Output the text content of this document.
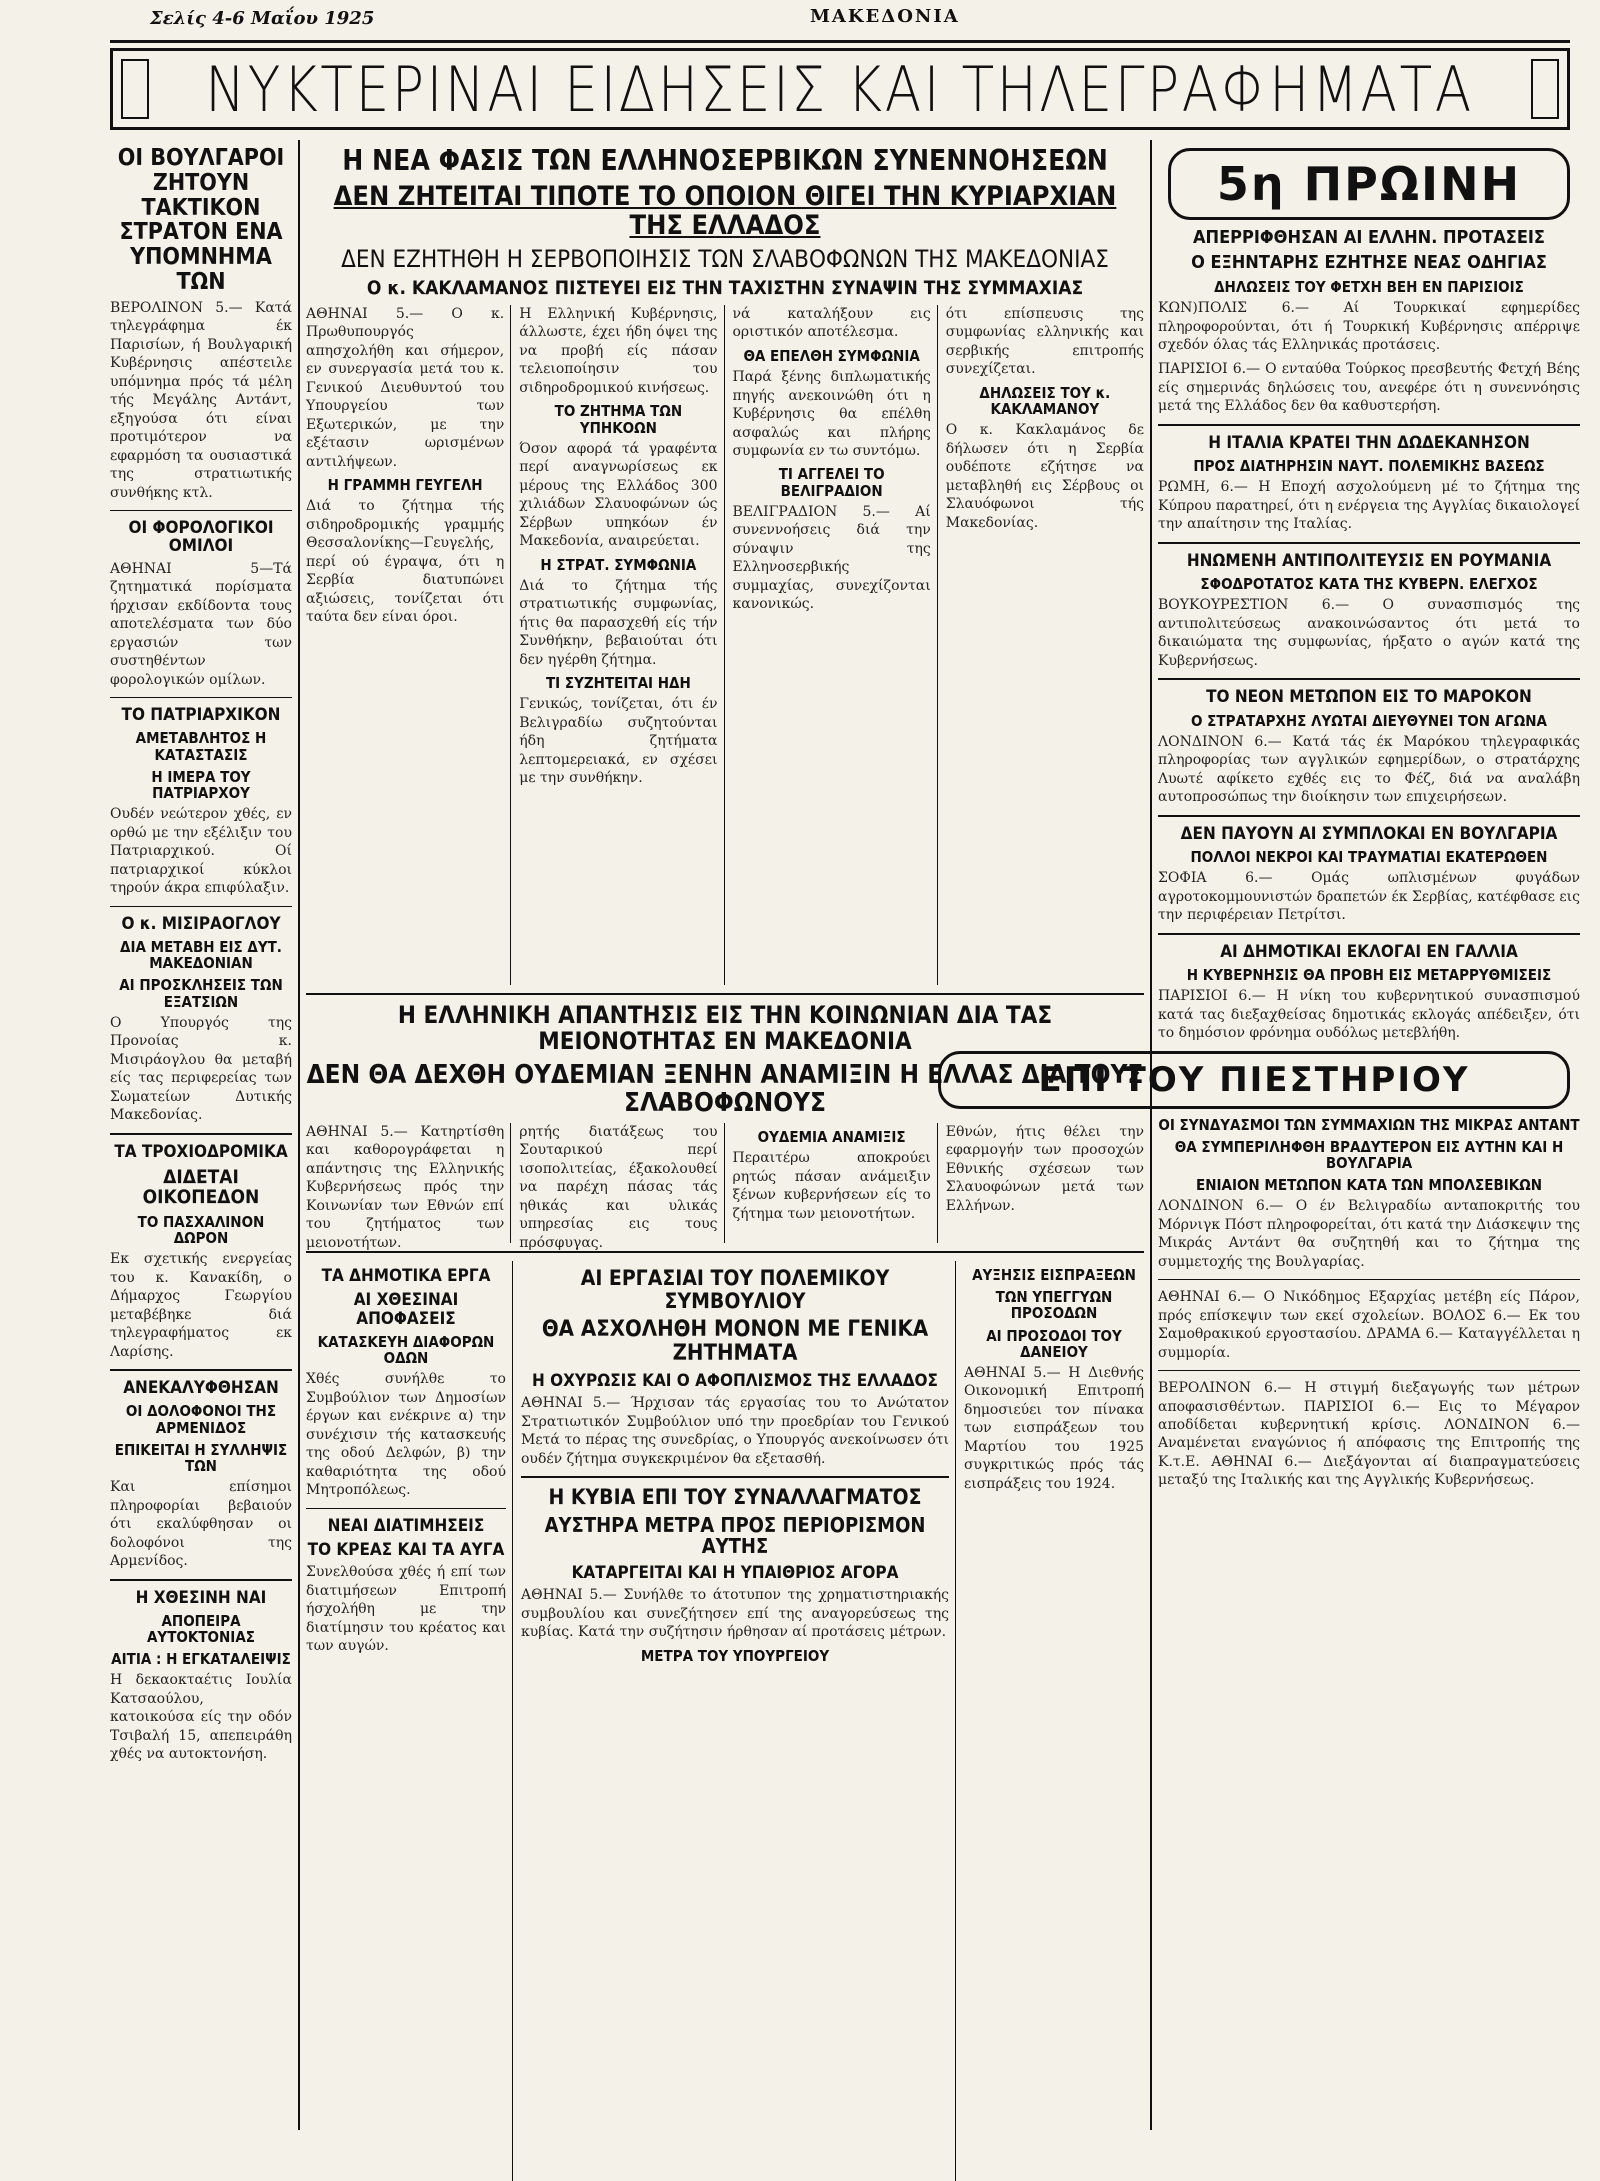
Σελίς 4-6 Μαΐου 1925	ΜΑΚΕΔΟΝΙΑ
ΝΥΚΤΕΡΙΝΑΙ ΕΙΔΗΣΕΙΣ ΚΑΙ ΤΗΛΕΓΡΑΦΗΜΑΤΑ
ΟΙ ΒΟΥΛΓΑΡΟΙ ΖΗΤΟΥΝ ΤΑΚΤΙΚΟΝ ΣΤΡΑΤΟΝ ΕΝΑ ΥΠΟΜΝΗΜΑ ΤΩΝ

ΒΕΡΟΛΙΝΟΝ 5.— Κατά τηλεγράφημα έκ Παρισίων, ή Βουλγαρική Κυβέρνησις απέστειλε υπόμνημα πρός τά μέλη τής Μεγάλης Αντάντ, εξηγούσα ότι είναι προτιμότερον να εφαρμόση τα ουσιαστικά της στρατιωτικής συνθήκης κτλ.

ΟΙ ΦΟΡΟΛΟΓΙΚΟΙ ΟΜΙΛΟΙ

ΑΘΗΝΑΙ 5—Τά ζητηματικά πορίσματα ήρχισαν εκδίδοντα τους αποτελέσματα των δύο εργασιών των συστηθέντων φορολογικών ομίλων.

ΤΟ ΠΑΤΡΙΑΡΧΙΚΟΝ
ΑΜΕΤΑΒΛΗΤΟΣ Η ΚΑΤΑΣΤΑΣΙΣ
Η ΙΜΕΡΑ ΤΟΥ ΠΑΤΡΙΑΡΧΟΥ

Ουδέν νεώτερον χθές, εν ορθώ με την εξέλιξιν του Πατριαρχικού. Οί πατριαρχικοί κύκλοι τηρούν άκρα επιφύλαξιν.

Ο κ. ΜΙΣΙΡΑΟΓΛΟΥ
ΔΙΑ ΜΕΤΑΒΗ ΕΙΣ ΔΥΤ. ΜΑΚΕΔΟΝΙΑΝ
ΑΙ ΠΡΟΣΚΛΗΣΕΙΣ ΤΩΝ ΕΞΑΤΣΙΩΝ

Ο Υπουργός της Προνοίας κ. Μισιράογλου θα μεταβή είς τας περιφερείας των Σωματείων Δυτικής Μακεδονίας.

ΤΑ ΤΡΟΧΙΟΔΡΟΜΙΚΑ
ΔΙΔΕΤΑΙ ΟΙΚΟΠΕΔΟΝ
ΤΟ ΠΑΣΧΑΛΙΝΟΝ ΔΩΡΟΝ

Εκ σχετικής ενεργείας του κ. Κανακίδη, ο Δήμαρχος Γεωργίου μεταβέβηκε διά τηλεγραφήματος εκ Λαρίσης.

ΑΝΕΚΑΛΥΦΘΗΣΑΝ
ΟΙ ΔΟΛΟΦΟΝΟΙ ΤΗΣ ΑΡΜΕΝΙΔΟΣ
ΕΠΙΚΕΙΤΑΙ Η ΣΥΛΛΗΨΙΣ ΤΩΝ

Και επίσημοι πληροφορίαι βεβαιούν ότι εκαλύφθησαν οι δολοφόνοι της Αρμενίδος.

Η ΧΘΕΣΙΝΗ ΝΑΙ
ΑΠΟΠΕΙΡΑ ΑΥΤΟΚΤΟΝΙΑΣ
ΑΙΤΙΑ : Η ΕΓΚΑΤΑΛΕΙΨΙΣ

Η δεκαοκταέτις Ιουλία Κατσαούλου, κατοικούσα είς την οδόν Τσιβαλή 15, απεπειράθη χθές να αυτοκτονήση.

Η ΝΕΑ ΦΑΣΙΣ ΤΩΝ ΕΛΛΗΝΟΣΕΡΒΙΚΩΝ ΣΥΝΕΝΝΟΗΣΕΩΝ
ΔΕΝ ΖΗΤΕΙΤΑΙ ΤΙΠΟΤΕ ΤΟ ΟΠΟΙΟΝ ΘΙΓΕΙ ΤΗΝ ΚΥΡΙΑΡΧΙΑΝ ΤΗΣ ΕΛΛΑΔΟΣ
ΔΕΝ ΕΖΗΤΗΘΗ Η ΣΕΡΒΟΠΟΙΗΣΙΣ ΤΩΝ ΣΛΑΒΟΦΩΝΩΝ ΤΗΣ ΜΑΚΕΔΟΝΙΑΣ
Ο κ. ΚΑΚΛΑΜΑΝΟΣ ΠΙΣΤΕΥΕΙ ΕΙΣ ΤΗΝ ΤΑΧΙΣΤΗΝ ΣΥΝΑΨΙΝ ΤΗΣ ΣΥΜΜΑΧΙΑΣ

ΑΘΗΝΑΙ 5.— Ο κ. Πρωθυπουργός απησχολήθη και σήμερον, εν συνεργασία μετά του κ. Γενικού Διευθυντού του Υπουργείου των Εξωτερικών, με την εξέτασιν ωρισμένων αντιλήψεων.

Η ΓΡΑΜΜΗ ΓΕΥΓΕΛΗ

Διά το ζήτημα τής σιδηροδρομικής γραμμής Θεσσαλονίκης—Γευγελής, περί ού έγραψα, ότι η Σερβία διατυπώνει αξιώσεις, τονίζεται ότι ταύτα δεν είναι όροι.

Η Ελληνική Κυβέρνησις, άλλωστε, έχει ήδη όψει της να προβή είς πάσαν τελειοποίησιν του σιδηροδρομικού κινήσεως.

ΤΟ ΖΗΤΗΜΑ ΤΩΝ ΥΠΗΚΟΩΝ

Όσον αφορά τά γραφέντα περί αναγνωρίσεως εκ μέρους της Ελλάδος 300 χιλιάδων Σλαυοφώνων ώς Σέρβων υπηκόων έν Μακεδονία, αναιρεύεται.

Η ΣΤΡΑΤ. ΣΥΜΦΩΝΙΑ

Διά το ζήτημα τής στρατιωτικής συμφωνίας, ήτις θα παρασχεθή είς τήν Συνθήκην, βεβαιούται ότι δεν ηγέρθη ζήτημα.

ΤΙ ΣΥΖΗΤΕΙΤΑΙ ΗΔΗ

Γενικώς, τονίζεται, ότι έν Βελιγραδίω συζητούνται ήδη ζητήματα λεπτομερειακά, εν σχέσει με την συνθήκην.

νά καταλήξουν εις οριστικόν αποτέλεσμα.

ΘΑ ΕΠΕΛΘΗ ΣΥΜΦΩΝΙΑ

Παρά ξένης διπλωματικής πηγής ανεκοινώθη ότι η Κυβέρνησις θα επέλθη ασφαλώς και πλήρης συμφωνία εν τω συντόμω.

ΤΙ ΑΓΓΕΛΕΙ ΤΟ ΒΕΛΙΓΡΑΔΙΟΝ

ΒΕΛΙΓΡΑΔΙΟΝ 5.— Αί συνεννοήσεις διά την σύναψιν της Ελληνοσερβικής συμμαχίας, συνεχίζονται κανονικώς.

ότι επίσπευσις της συμφωνίας ελληνικής και σερβικής επιτροπής συνεχίζεται.

ΔΗΛΩΣΕΙΣ ΤΟΥ κ. ΚΑΚΛΑΜΑΝΟΥ

Ο κ. Κακλαμάνος δε δήλωσεν ότι η Σερβία ουδέποτε εζήτησε να μεταβληθή εις Σέρβους οι Σλαυόφωνοι τής Μακεδονίας.

Η ΕΛΛΗΝΙΚΗ ΑΠΑΝΤΗΣΙΣ ΕΙΣ ΤΗΝ ΚΟΙΝΩΝΙΑΝ ΔΙΑ ΤΑΣ ΜΕΙΟΝΟΤΗΤΑΣ ΕΝ ΜΑΚΕΔΟΝΙΑ
ΔΕΝ ΘΑ ΔΕΧΘΗ ΟΥΔΕΜΙΑΝ ΞΕΝΗΝ ΑΝΑΜΙΞΙΝ Η ΕΛΛΑΣ ΔΙΑ ΤΟΥΣ ΣΛΑΒΟΦΩΝΟΥΣ

ΑΘΗΝΑΙ 5.— Κατηρτίσθη και καθορογράφεται η απάντησις της Ελληνικής Κυβερνήσεως πρός την Κοινωνίαν των Εθνών επί του ζητήματος των μειονοτήτων.

ρητής διατάξεως του Σουταρικού περί ισοπολιτείας, έξακολουθεί να παρέχη πάσας τάς ηθικάς και υλικάς υπηρεσίας εις τους πρόσφυγας.

ΟΥΔΕΜΙΑ ΑΝΑΜΙΞΙΣ

Περαιτέρω αποκρούει ρητώς πάσαν ανάμειξιν ξένων κυβερνήσεων είς το ζήτημα των μειονοτήτων.

Εθνών, ήτις θέλει την εφαρμογήν των προσοχών Εθνικής σχέσεων των Σλαυοφώνων μετά των Ελλήνων.

ΤΑ ΔΗΜΟΤΙΚΑ ΕΡΓΑ
ΑΙ ΧΘΕΣΙΝΑΙ ΑΠΟΦΑΣΕΙΣ
ΚΑΤΑΣΚΕΥΗ ΔΙΑΦΟΡΩΝ ΟΔΩΝ

Χθές συνήλθε το Συμβούλιον των Δημοσίων έργων και ενέκρινε α) την συνέχισιν τής κατασκευής της οδού Δελφών, β) την καθαριότητα της οδού Μητροπόλεως.

ΝΕΑΙ ΔΙΑΤΙΜΗΣΕΙΣ
ΤΟ ΚΡΕΑΣ ΚΑΙ ΤΑ ΑΥΓΑ

Συνελθούσα χθές ή επί των διατιμήσεων Επιτροπή ήσχολήθη με την διατίμησιν του κρέατος και των αυγών.

ΑΙ ΕΡΓΑΣΙΑΙ ΤΟΥ ΠΟΛΕΜΙΚΟΥ ΣΥΜΒΟΥΛΙΟΥ
ΘΑ ΑΣΧΟΛΗΘΗ ΜΟΝΟΝ ΜΕ ΓΕΝΙΚΑ ΖΗΤΗΜΑΤΑ
Η ΟΧΥΡΩΣΙΣ ΚΑΙ Ο ΑΦΟΠΛΙΣΜΟΣ ΤΗΣ ΕΛΛΑΔΟΣ

ΑΘΗΝΑΙ 5.— Ήρχισαν τάς εργασίας του το Ανώτατον Στρατιωτικόν Συμβούλιον υπό την προεδρίαν του Γενικού Μετά το πέρας της συνεδρίας, ο Υπουργός ανεκοίνωσεν ότι ουδέν ζήτημα συγκεκριμένον θα εξετασθή.

Η ΚΥΒΙΑ ΕΠΙ ΤΟΥ ΣΥΝΑΛΛΑΓΜΑΤΟΣ
ΑΥΣΤΗΡΑ ΜΕΤΡΑ ΠΡΟΣ ΠΕΡΙΟΡΙΣΜΟΝ ΑΥΤΗΣ
ΚΑΤΑΡΓΕΙΤΑΙ ΚΑΙ Η ΥΠΑΙΘΡΙΟΣ ΑΓΟΡΑ

ΑΘΗΝΑΙ 5.— Συνήλθε το άτοτυπον της χρηματιστηριακής συμβουλίου και συνεζήτησεν επί της αναγορεύσεως της κυβίας. Κατά την συζήτησιν ήρθησαν αί προτάσεις μέτρων.

ΜΕΤΡΑ ΤΟΥ ΥΠΟΥΡΓΕΙΟΥ
ΑΥΞΗΣΙΣ ΕΙΣΠΡΑΞΕΩΝ
ΤΩΝ ΥΠΕΓΓΥΩΝ ΠΡΟΣΟΔΩΝ
ΑΙ ΠΡΟΣΟΔΟΙ ΤΟΥ ΔΑΝΕΙΟΥ

ΑΘΗΝΑΙ 5.— Η Διεθνής Οικονομική Επιτροπή δημοσιεύει τον πίνακα των εισπράξεων του Μαρτίου του 1925 συγκριτικώς πρός τάς εισπράξεις του 1924.

5η ΠΡΩΙΝΗ
ΑΠΕΡΡΙΦΘΗΣΑΝ ΑΙ ΕΛΛΗΝ. ΠΡΟΤΑΣΕΙΣ
Ο ΕΞΗΝΤΑΡΗΣ ΕΖΗΤΗΣΕ ΝΕΑΣ ΟΔΗΓΙΑΣ
ΔΗΛΩΣΕΙΣ ΤΟΥ ΦΕΤΧΗ ΒΕΗ ΕΝ ΠΑΡΙΣΙΟΙΣ

ΚΩΝ)ΠΟΛΙΣ 6.— Αί Τουρκικαί εφημερίδες πληροφορούνται, ότι ή Τουρκική Κυβέρνησις απέρριψε σχεδόν όλας τάς Ελληνικάς προτάσεις.

ΠΑΡΙΣΙΟΙ 6.— Ο ενταύθα Τούρκος πρεσβευτής Φετχή Βέης είς σημερινάς δηλώσεις του, ανεφέρε ότι η συνεννόησις μετά της Ελλάδος δεν θα καθυστερήση.

Η ΙΤΑΛΙΑ ΚΡΑΤΕΙ ΤΗΝ ΔΩΔΕΚΑΝΗΣΟΝ
ΠΡΟΣ ΔΙΑΤΗΡΗΣΙΝ ΝΑΥΤ. ΠΟΛΕΜΙΚΗΣ ΒΑΣΕΩΣ

ΡΩΜΗ, 6.— Η Εποχή ασχολούμενη μέ το ζήτημα της Κύπρου παρατηρεί, ότι η ενέργεια της Αγγλίας δικαιολογεί την απαίτησιν της Ιταλίας.

ΗΝΩΜΕΝΗ ΑΝΤΙΠΟΛΙΤΕΥΣΙΣ ΕΝ ΡΟΥΜΑΝΙΑ
ΣΦΟΔΡΟΤΑΤΟΣ ΚΑΤΑ ΤΗΣ ΚΥΒΕΡΝ. ΕΛΕΓΧΟΣ

ΒΟΥΚΟΥΡΕΣΤΙΟΝ 6.— Ο συνασπισμός της αντιπολιτεύσεως ανακοινώσαντος ότι μετά το δικαιώματα της συμφωνίας, ήρξατο ο αγών κατά της Κυβερνήσεως.

ΤΟ ΝΕΟΝ ΜΕΤΩΠΟΝ ΕΙΣ ΤΟ ΜΑΡΟΚΟΝ
Ο ΣΤΡΑΤΑΡΧΗΣ ΛΥΩΤΑΙ ΔΙΕΥΘΥΝΕΙ ΤΟΝ ΑΓΩΝΑ

ΛΟΝΔΙΝΟΝ 6.— Κατά τάς έκ Μαρόκου τηλεγραφικάς πληροφορίας των αγγλικών εφημερίδων, ο στρατάρχης Λυωτέ αφίκετο εχθές εις το Φέζ, διά να αναλάβη αυτοπροσώπως την διοίκησιν των επιχειρήσεων.

ΔΕΝ ΠΑΥΟΥΝ ΑΙ ΣΥΜΠΛΟΚΑΙ ΕΝ ΒΟΥΛΓΑΡΙΑ
ΠΟΛΛΟΙ ΝΕΚΡΟΙ ΚΑΙ ΤΡΑΥΜΑΤΙΑΙ ΕΚΑΤΕΡΩΘΕΝ

ΣΟΦΙΑ 6.— Ομάς ωπλισμένων φυγάδων αγροτοκομμουνιστών δραπετών έκ Σερβίας, κατέφθασε εις την περιφέρειαν Πετρίτσι.

ΑΙ ΔΗΜΟΤΙΚΑΙ ΕΚΛΟΓΑΙ ΕΝ ΓΑΛΛΙΑ
Η ΚΥΒΕΡΝΗΣΙΣ ΘΑ ΠΡΟΒΗ ΕΙΣ ΜΕΤΑΡΡΥΘΜΙΣΕΙΣ

ΠΑΡΙΣΙΟΙ 6.— Η νίκη του κυβερνητικού συνασπισμού κατά τας διεξαχθείσας δημοτικάς εκλογάς απέδειξεν, ότι το δημόσιον φρόνημα ουδόλως μετεβλήθη.

ΕΠΙ ΤΟΥ ΠΙΕΣΤΗΡΙΟΥ
ΟΙ ΣΥΝΔΥΑΣΜΟΙ ΤΩΝ ΣΥΜΜΑΧΙΩΝ ΤΗΣ ΜΙΚΡΑΣ ΑΝΤΑΝΤ
ΘΑ ΣΥΜΠΕΡΙΛΗΦΘΗ ΒΡΑΔΥΤΕΡΟΝ ΕΙΣ ΑΥΤΗΝ ΚΑΙ Η ΒΟΥΛΓΑΡΙΑ
ΕΝΙΑΙΟΝ ΜΕΤΩΠΟΝ ΚΑΤΑ ΤΩΝ ΜΠΟΛΣΕΒΙΚΩΝ

ΛΟΝΔΙΝΟΝ 6.— Ο έν Βελιγραδίω ανταποκριτής του Μόρνιγκ Πόστ πληροφορείται, ότι κατά την Διάσκεψιν της Μικράς Αντάντ θα συζητηθή και το ζήτημα της συμμετοχής της Βουλγαρίας.

ΑΘΗΝΑΙ 6.— Ο Νικόδημος Εξαρχίας μετέβη είς Πάρον, πρός επίσκεψιν των εκεί σχολείων. ΒΟΛΟΣ 6.— Εκ του Σαμοθρακικού εργοστασίου. ΔΡΑΜΑ 6.— Καταγγέλλεται η συμμορία.

ΒΕΡΟΛΙΝΟΝ 6.— Η στιγμή διεξαγωγής των μέτρων αποφασισθέντων. ΠΑΡΙΣΙΟΙ 6.— Εις το Μέγαρον αποδίδεται κυβερνητική κρίσις. ΛΟΝΔΙΝΟΝ 6.— Αναμένεται εναγώνιος ή απόφασις της Επιτροπής της Κ.τ.Ε. ΑΘΗΝΑΙ 6.— Διεξάγονται αί διαπραγματεύσεις μεταξύ της Ιταλικής και της Αγγλικής Κυβερνήσεως.
